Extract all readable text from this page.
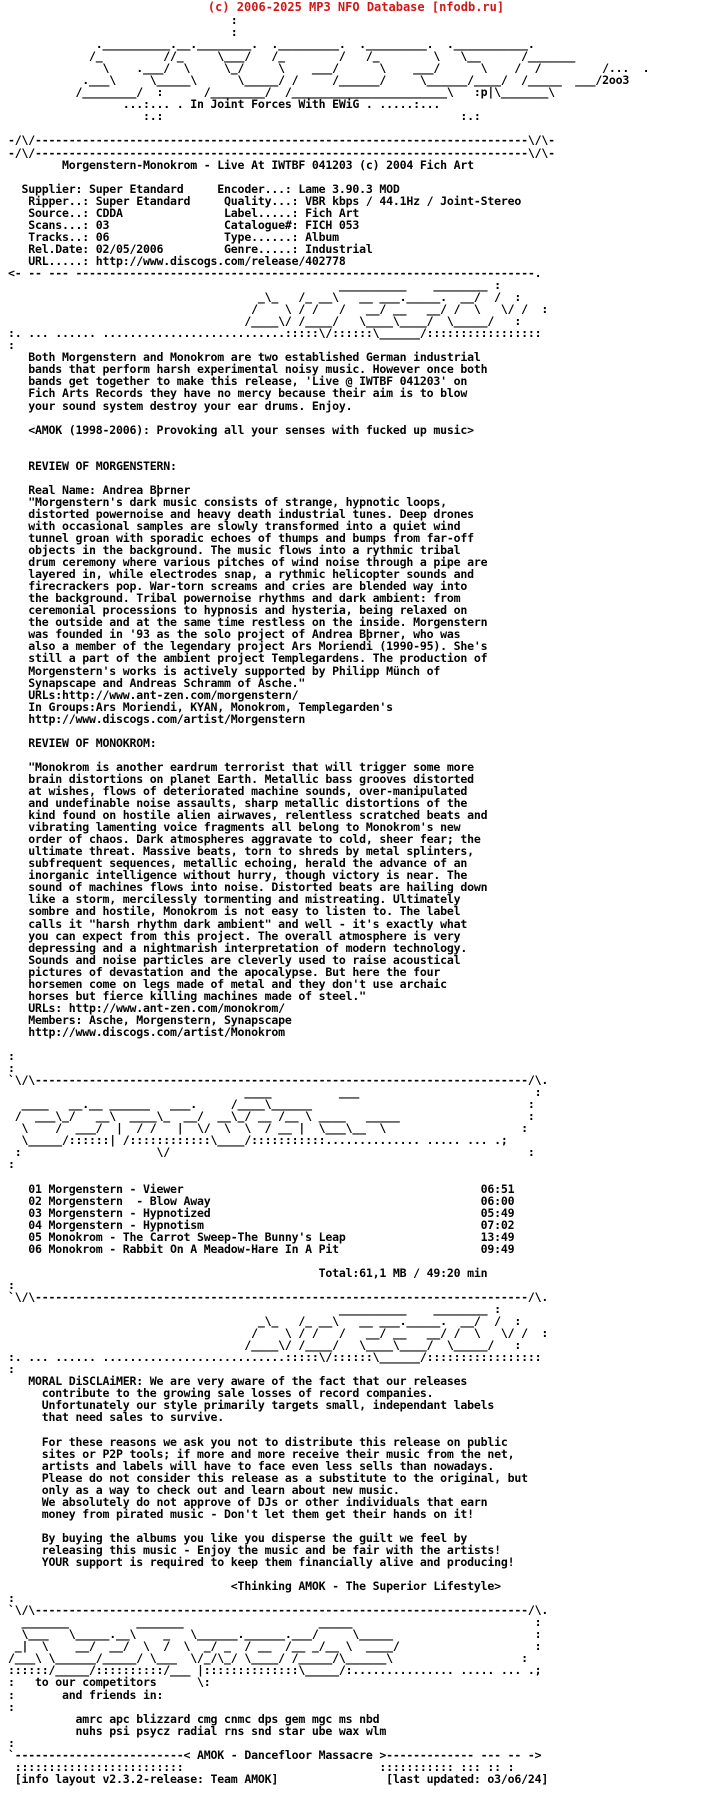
(c) 2006-2025 MP3 NFO Database [nfodb.ru]
:
:
.__________.__.________.  ._________.  ._________.  .___________.
/_         //_     \___/   /_        /   /_        \   \__      /_______
\    .___/  \     \_/     \    ___/      \    ___/      \    /  /         /...  .
.___\     \_____\      \_____/ /     /______/     \______/____/  /_____  ___/2oo3
/________/  :      /________/  /_______________________\   :p|\_______\
...:... . In Joint Forces With EWiG . .....:...
:.:                                            :.:

-/\/-------------------------------------------------------------------------\/\-
-/\/-------------------------------------------------------------------------\/\-
Morgenstern-Monokrom - Live At IWTBF 041203 (c) 2004 Fich Art

Supplier: Super Etandard     Encoder...: Lame 3.90.3 MOD
Ripper..: Super Etandard     Quality...: VBR kbps / 44.1Hz / Joint-Stereo
Source..: CDDA               Label.....: Fich Art
Scans...: 03                 Catalogue#: FICH 053
Tracks..: 06                 Type......: Album
Rel.Date: 02/05/2006         Genre.....: Industrial
URL.....: http://www.discogs.com/release/402778
<- -- --- --------------------------------------------------------------------.
__________    ________ :
_\_   /_ __\   __ ___._____.  __/  /  :
/    \ / /   /   __/ __   __/ /  \   \/ /  :
/____\/ /____/   \____\____/  \_____/   :
:. ... ...... ...........................:::::\/::::::\______/:::::::::::::::::
:
Both Morgenstern and Monokrom are two established German industrial
bands that perform harsh experimental noisy music. However once both
bands get together to make this release, 'Live @ IWTBF 041203' on
Fich Arts Records they have no mercy because their aim is to blow
your sound system destroy your ear drums. Enjoy.

<AMOK (1998-2006): Provoking all your senses with fucked up music>

REVIEW OF MORGENSTERN:

Real Name: Andrea Bþrner
"Morgenstern's dark music consists of strange, hypnotic loops,
distorted powernoise and heavy death industrial tunes. Deep drones
with occasional samples are slowly transformed into a quiet wind
tunnel groan with sporadic echoes of thumps and bumps from far-off
objects in the background. The music flows into a rythmic tribal
drum ceremony where various pitches of wind noise through a pipe are
layered in, while electrodes snap, a rythmic helicopter sounds and
firecrackers pop. War-torn screams and cries are blended way into
the background. Tribal powernoise rhythms and dark ambient: from
ceremonial processions to hypnosis and hysteria, being relaxed on
the outside and at the same time restless on the inside. Morgenstern
was founded in '93 as the solo project of Andrea Bþrner, who was
also a member of the legendary project Ars Moriendi (1990-95). She's
still a part of the ambient project Templegardens. The production of
Morgenstern's works is actively supported by Philipp Münch of
Synapscape and Andreas Schramm of Asche."
URLs:http://www.ant-zen.com/morgenstern/
In Groups:Ars Moriendi, KYAN, Monokrom, Templegarden's
http://www.discogs.com/artist/Morgenstern

REVIEW OF MONOKROM:

"Monokrom is another eardrum terrorist that will trigger some more
brain distortions on planet Earth. Metallic bass grooves distorted
at wishes, flows of deteriorated machine sounds, over-manipulated
and undefinable noise assaults, sharp metallic distortions of the
kind found on hostile alien airwaves, relentless scratched beats and
vibrating lamenting voice fragments all belong to Monokrom's new
order of chaos. Dark atmospheres aggravate to cold, sheer fear; the
ultimate threat. Massive beats, torn to shreds by metal splinters,
subfrequent sequences, metallic echoing, herald the advance of an
inorganic intelligence without hurry, though victory is near. The
sound of machines flows into noise. Distorted beats are hailing down
like a storm, mercilessly tormenting and mistreating. Ultimately
sombre and hostile, Monokrom is not easy to listen to. The label
calls it "harsh rhythm dark ambient" and well - it's exactly what
you can expect from this project. The overall atmosphere is very
depressing and a nightmarish interpretation of modern technology.
Sounds and noise particles are cleverly used to raise acoustical
pictures of devastation and the apocalypse. But here the four
horsemen come on legs made of metal and they don't use archaic
horses but fierce killing machines made of steel."
URLs: http://www.ant-zen.com/monokrom/
Members: Asche, Morgenstern, Synapscape
http://www.discogs.com/artist/Monokrom

:
:
`\/\-------------------------------------------------------------------------/\.
____          ___                          :
____   __.__ ______   ___.     /____\______                                :
/  ___\_/   __\  ____\_  __/  __\_/ __ /__ \ ____   _____                   :
\    /  ___/  |  / /   |  \/  \  \  / __ |  \___\__  \                    :
\_____/::::::| /::::::::::::\____/:::::::::::.............. ..... ... .;
:                    \/                                                     :
:

01 Morgenstern - Viewer                                            06:51
02 Morgenstern  - Blow Away                                        06:00
03 Morgenstern - Hypnotized                                        05:49
04 Morgenstern - Hypnotism                                         07:02
05 Monokrom - The Carrot Sweep-The Bunny's Leap                    13:49
06 Monokrom - Rabbit On A Meadow-Hare In A Pit                     09:49

Total:61,1 MB / 49:20 min
:
`\/\-------------------------------------------------------------------------/\.
__________    ________ :
_\_   /_ __\   __ ___._____.  __/  /  :
/    \ / /   /   __/ __   __/ /  \   \/ /  :
/____\/ /____/   \____\____/  \_____/   :
:. ... ...... ...........................:::::\/::::::\______/:::::::::::::::::
:
MORAL DiSCLAiMER: We are very aware of the fact that our releases
contribute to the growing sale losses of record companies.
Unfortunately our style primarily targets small, independant labels
that need sales to survive.

For these reasons we ask you not to distribute this release on public
sites or P2P tools; if more and more receive their music from the net,
artists and labels will have to face even less sells than nowadays.
Please do not consider this release as a substitute to the original, but
only as a way to check out and learn about new music.
We absolutely do not approve of DJs or other individuals that earn
money from pirated music - Don't let them get their hands on it!

By buying the albums you like you disperse the guilt we feel by
releasing this music - Enjoy the music and be fair with the artists!
YOUR support is required to keep them financially alive and producing!

<Thinking AMOK - The Superior Lifestyle>
:
`\/\-------------------------------------------------------------------------/\.
_______          _______                    _____                           :
\___   \_____.__\    _   \______.______.___/     \_____                     :
_|  \    __/  __/  \  /  \  _/ _  / __  /__ _/__ \  ____/                    :
/___\ \______/_____/ \___  \/_/\_/ \____/ /_____/\______\                   :
::::::/_____/::::::::::/___ |::::::::::::::\_____/:............... ..... ... .;
:   to our competitors      \:
:       and friends in:
:
amrc apc blizzard cmg cnmc dps gem mgc ms nbd
nuhs psi psycz radial rns snd star ube wax wlm
:
`-------------------------< AMOK - Dancefloor Massacre >------------- --- -- ->
:::::::::::::::::::::::::                             ::::::::::: ::: :: :
[info layout v2.3.2-release: Team AMOK]                [last updated: o3/o6/24]
